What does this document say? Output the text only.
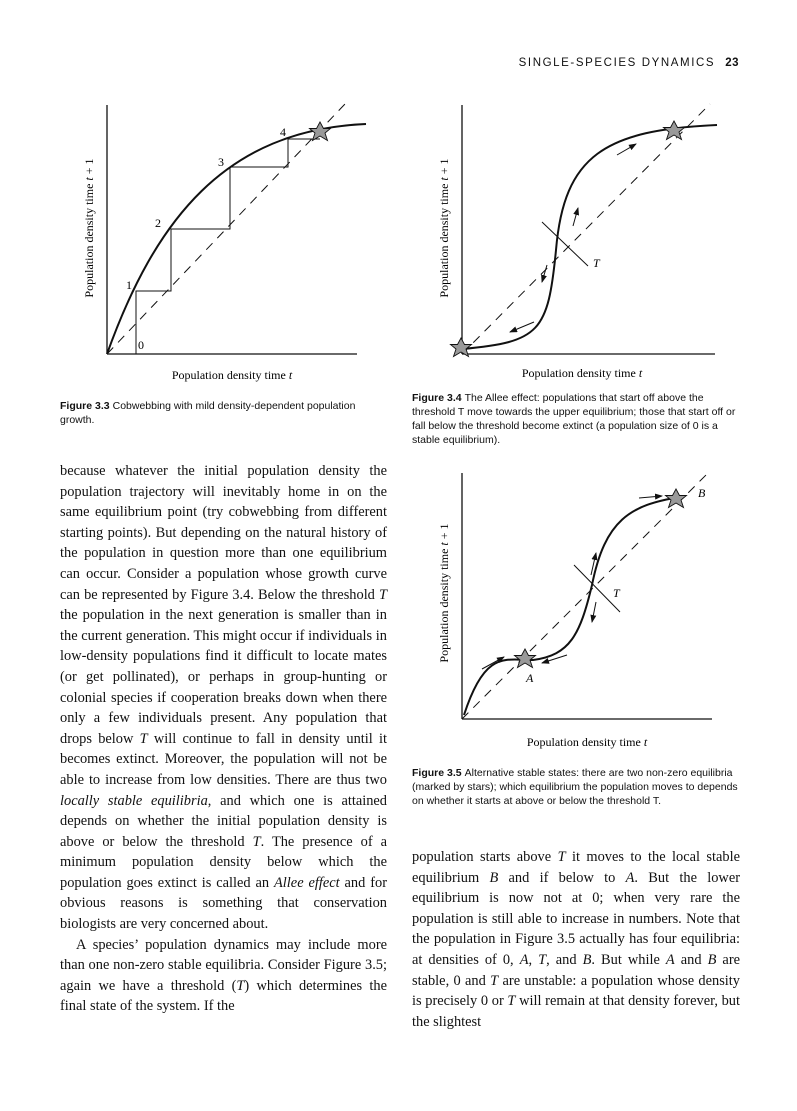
SINGLE-SPECIES DYNAMICS 23
0
1
2
3
4
Population density time t + 1
Population density time t
Figure 3.3 Cobwebbing with mild density-dependent population growth.
T
Population density time t + 1
Population density time t
Figure 3.4 The Allee effect: populations that start off above the threshold T move towards the upper equilibrium; those that start off or fall below the threshold become extinct (a population size of 0 is a stable equilibrium).
B
T
A
Population density time t + 1
Population density time t
Figure 3.5 Alternative stable states: there are two non-zero equilibria (marked by stars); which equilibrium the population moves to depends on whether it starts at above or below the threshold T.

because whatever the initial population density the population trajectory will inevitably home in on the same equilibrium point (try cobwebbing from different starting points). But depending on the natural history of the population in question more than one equilibrium can occur. Consider a population whose growth curve can be represented by Figure 3.4. Below the threshold T the population in the next generation is smaller than in the current generation. This might occur if individuals in low-density populations find it difficult to locate mates (or get pollinated), or perhaps in group-hunting or colonial species if cooperation breaks down when there only a few individuals present. Any population that drops below T will continue to fall in density until it becomes extinct. Moreover, the population will not be able to increase from low densities. There are thus two locally stable equilibria, and which one is attained depends on whether the initial population density is above or below the threshold T. The presence of a minimum population density below which the population goes extinct is called an Allee effect and for obvious reasons is something that conservation biologists are very concerned about.

A species’ population dynamics may include more than one non-zero stable equilibria. Consider Figure 3.5; again we have a threshold (T) which determines the final state of the system. If the

population starts above T it moves to the local stable equilibrium B and if below to A. But the lower equilibrium is now not at 0; when very rare the population is still able to increase in numbers. Note that the population in Figure 3.5 actually has four equilibria: at densities of 0, A, T, and B. But while A and B are stable, 0 and T are unstable: a population whose density is precisely 0 or T will remain at that density forever, but the slightest
